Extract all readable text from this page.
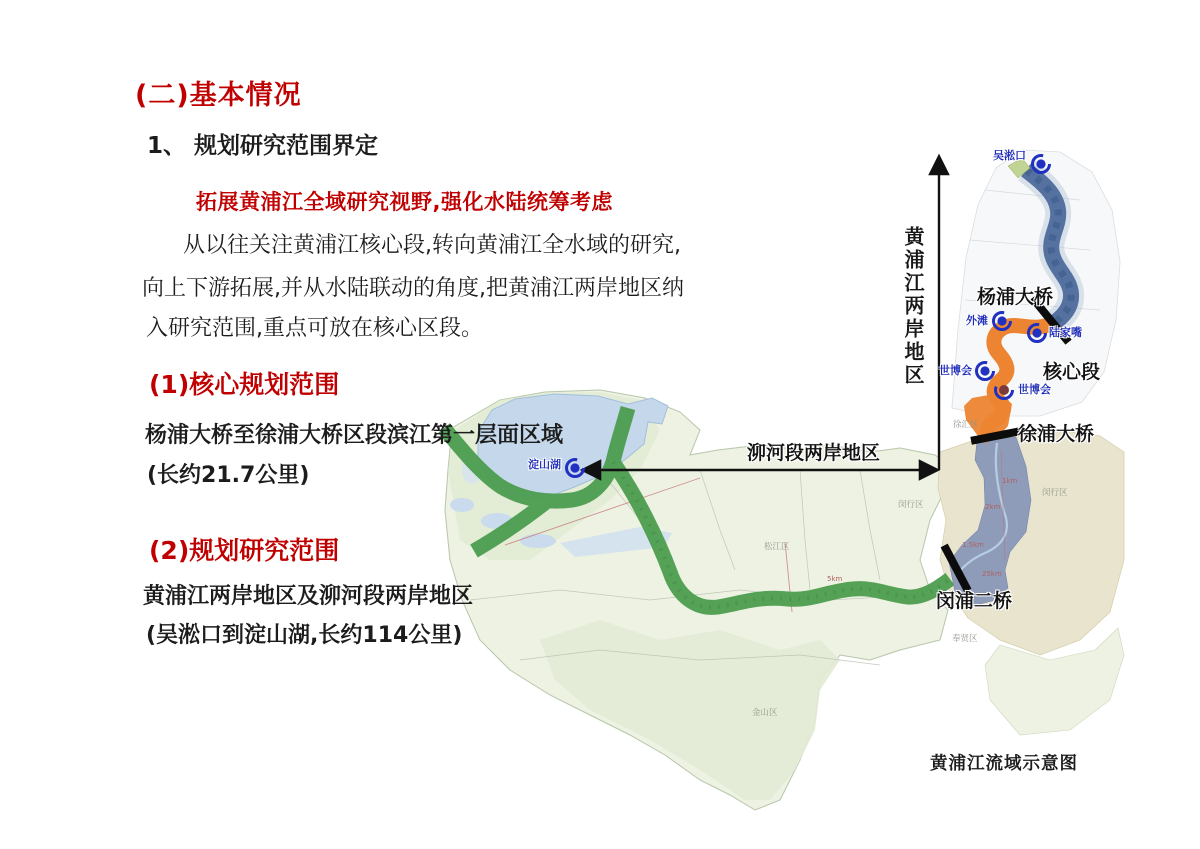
徐汇区
闵行区
闵行区
松江区
金山区
奉贤区
1km
2km
1.5km
25km
5km
(二)基本情况
1、 规划研究范围界定
拓展黄浦江全域研究视野,强化水陆统筹考虑
从以往关注黄浦江核心段,转向黄浦江全水域的研究,
向上下游拓展,并从水陆联动的角度,把黄浦江两岸地区纳
入研究范围,重点可放在核心区段。
(1)核心规划范围
杨浦大桥至徐浦大桥区段滨江第一层面区域
(长约21.7公里)
(2)规划研究范围
黄浦江两岸地区及泖河段两岸地区
(吴淞口到淀山湖,长约114公里)
黄浦江两岸地区
泖河段两岸地区
吴淞口
杨浦大桥
外滩
陆家嘴
世博会
世博会
核心段
徐浦大桥
闵浦二桥
淀山湖
黄浦江流域示意图
